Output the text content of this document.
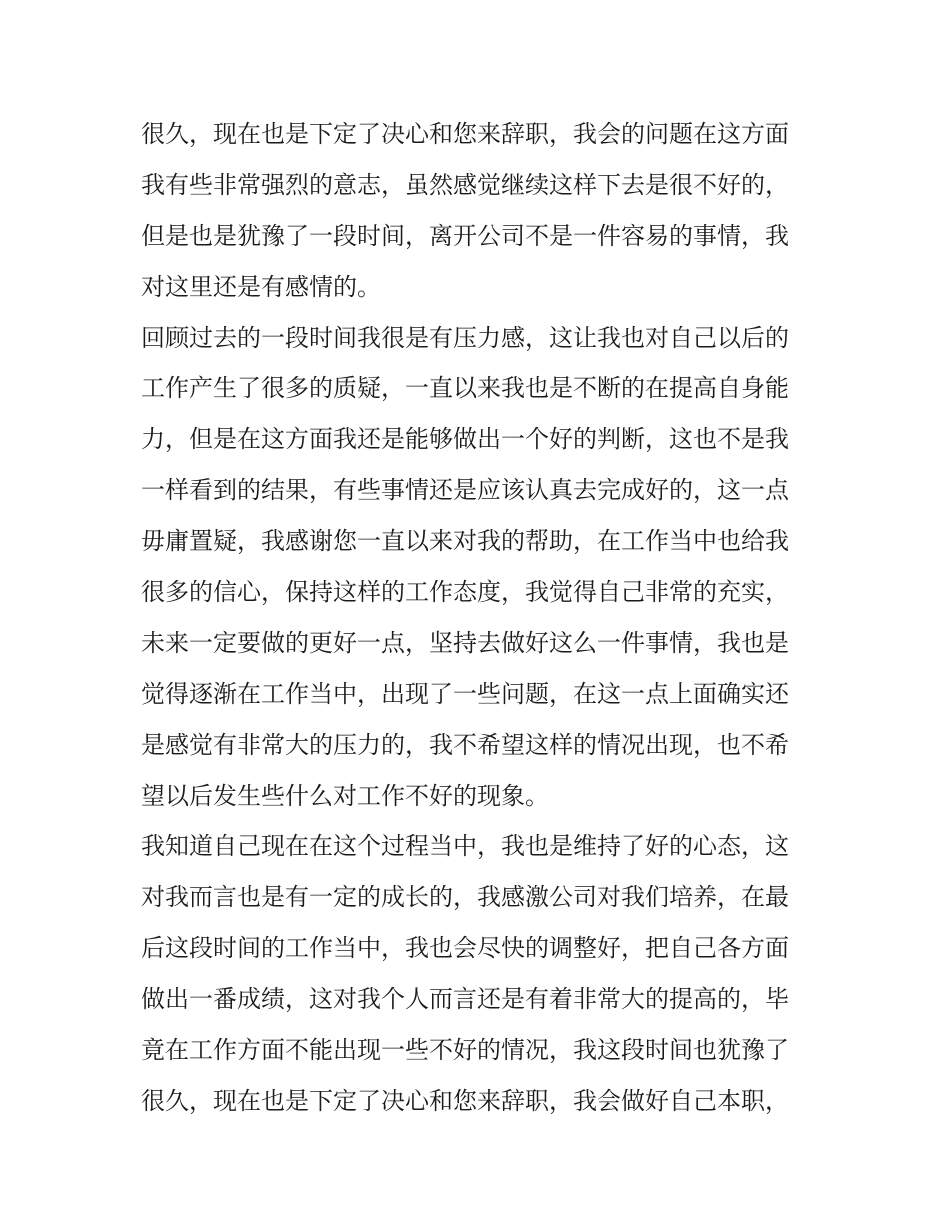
很久，现在也是下定了决心和您来辞职，我会的问题在这方面
我有些非常强烈的意志，虽然感觉继续这样下去是很不好的，
但是也是犹豫了一段时间，离开公司不是一件容易的事情，我
对这里还是有感情的。
回顾过去的一段时间我很是有压力感，这让我也对自己以后的
工作产生了很多的质疑，一直以来我也是不断的在提高自身能
力，但是在这方面我还是能够做出一个好的判断，这也不是我
一样看到的结果，有些事情还是应该认真去完成好的，这一点
毋庸置疑，我感谢您一直以来对我的帮助，在工作当中也给我
很多的信心，保持这样的工作态度，我觉得自己非常的充实，
未来一定要做的更好一点，坚持去做好这么一件事情，我也是
觉得逐渐在工作当中，出现了一些问题，在这一点上面确实还
是感觉有非常大的压力的，我不希望这样的情况出现，也不希
望以后发生些什么对工作不好的现象。
我知道自己现在在这个过程当中，我也是维持了好的心态，这
对我而言也是有一定的成长的，我感激公司对我们培养，在最
后这段时间的工作当中，我也会尽快的调整好，把自己各方面
做出一番成绩，这对我个人而言还是有着非常大的提高的，毕
竟在工作方面不能出现一些不好的情况，我这段时间也犹豫了
很久，现在也是下定了决心和您来辞职，我会做好自己本职，
